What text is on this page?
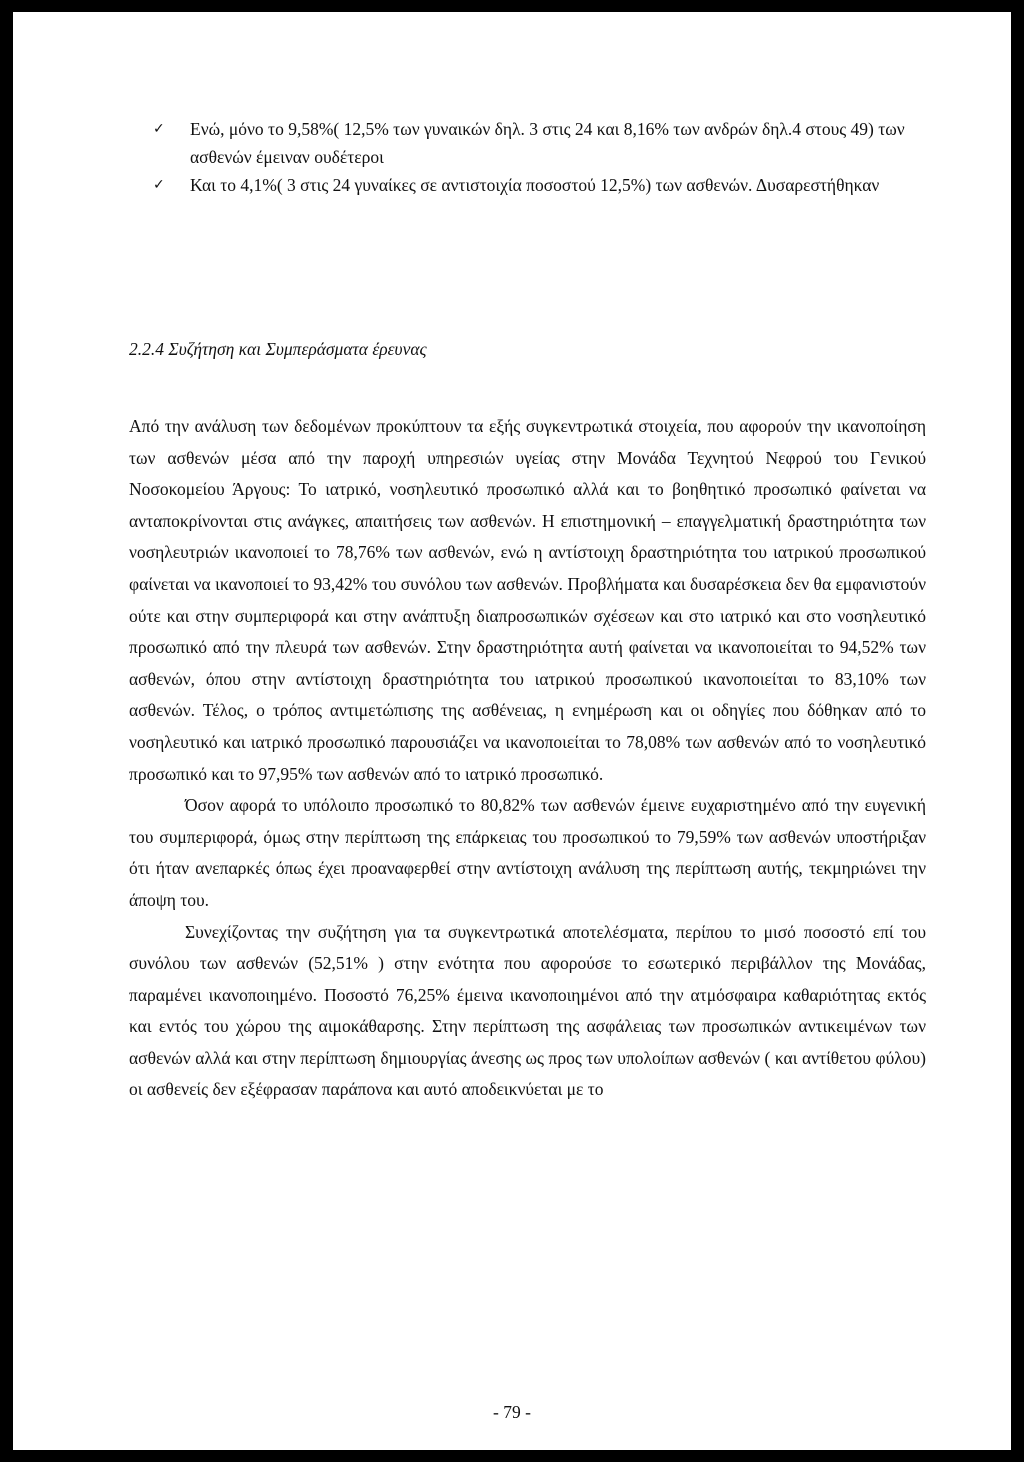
✓	Ενώ, μόνο το 9,58%( 12,5% των γυναικών δηλ. 3 στις 24 και 8,16% των ανδρών δηλ.4 στους 49) των ασθενών έμειναν ουδέτεροι
✓	Και το 4,1%( 3 στις 24 γυναίκες σε αντιστοιχία ποσοστού 12,5%) των ασθενών. Δυσαρεστήθηκαν
2.2.4 Συζήτηση και Συμπεράσματα έρευνας

Από την ανάλυση των δεδομένων προκύπτουν τα εξής συγκεντρωτικά στοιχεία, που αφορούν την ικανοποίηση των ασθενών μέσα από την παροχή υπηρεσιών υγείας στην Μονάδα Τεχνητού Νεφρού του Γενικού Νοσοκομείου Άργους: Το ιατρικό, νοσηλευτικό προσωπικό αλλά και το βοηθητικό προσωπικό φαίνεται να ανταποκρίνονται στις ανάγκες, απαιτήσεις των ασθενών. Η επιστημονική – επαγγελματική δραστηριότητα των νοσηλευτριών ικανοποιεί το 78,76% των ασθενών, ενώ η αντίστοιχη δραστηριότητα του ιατρικού προσωπικού φαίνεται να ικανοποιεί το 93,42% του συνόλου των ασθενών. Προβλήματα και δυσαρέσκεια δεν θα εμφανιστούν ούτε και στην συμπεριφορά και στην ανάπτυξη διαπροσωπικών σχέσεων και στο ιατρικό και στο νοσηλευτικό προσωπικό από την πλευρά των ασθενών. Στην δραστηριότητα αυτή φαίνεται να ικανοποιείται το 94,52% των ασθενών, όπου στην αντίστοιχη δραστηριότητα του ιατρικού προσωπικού ικανοποιείται το 83,10% των ασθενών. Τέλος, ο τρόπος αντιμετώπισης της ασθένειας, η ενημέρωση και οι οδηγίες που δόθηκαν από το νοσηλευτικό και ιατρικό προσωπικό παρουσιάζει να ικανοποιείται το 78,08% των ασθενών από το νοσηλευτικό προσωπικό και το 97,95% των ασθενών από το ιατρικό προσωπικό.

Όσον αφορά το υπόλοιπο προσωπικό το 80,82% των ασθενών έμεινε ευχαριστημένο από την ευγενική του συμπεριφορά, όμως στην περίπτωση της επάρκειας του προσωπικού το 79,59% των ασθενών υποστήριξαν ότι ήταν ανεπαρκές όπως έχει προαναφερθεί στην αντίστοιχη ανάλυση της περίπτωση αυτής, τεκμηριώνει την άποψη του.

Συνεχίζοντας την συζήτηση για τα συγκεντρωτικά αποτελέσματα, περίπου το μισό ποσοστό επί του συνόλου των ασθενών (52,51% ) στην ενότητα που αφορούσε το εσωτερικό περιβάλλον της Μονάδας, παραμένει ικανοποιημένο. Ποσοστό 76,25% έμεινα ικανοποιημένοι από την ατμόσφαιρα καθαριότητας εκτός και εντός του χώρου της αιμοκάθαρσης. Στην περίπτωση της ασφάλειας των προσωπικών αντικειμένων των ασθενών αλλά και στην περίπτωση δημιουργίας άνεσης ως προς των υπολοίπων ασθενών ( και αντίθετου φύλου) οι ασθενείς δεν εξέφρασαν παράπονα και αυτό αποδεικνύεται με το

- 79 -
